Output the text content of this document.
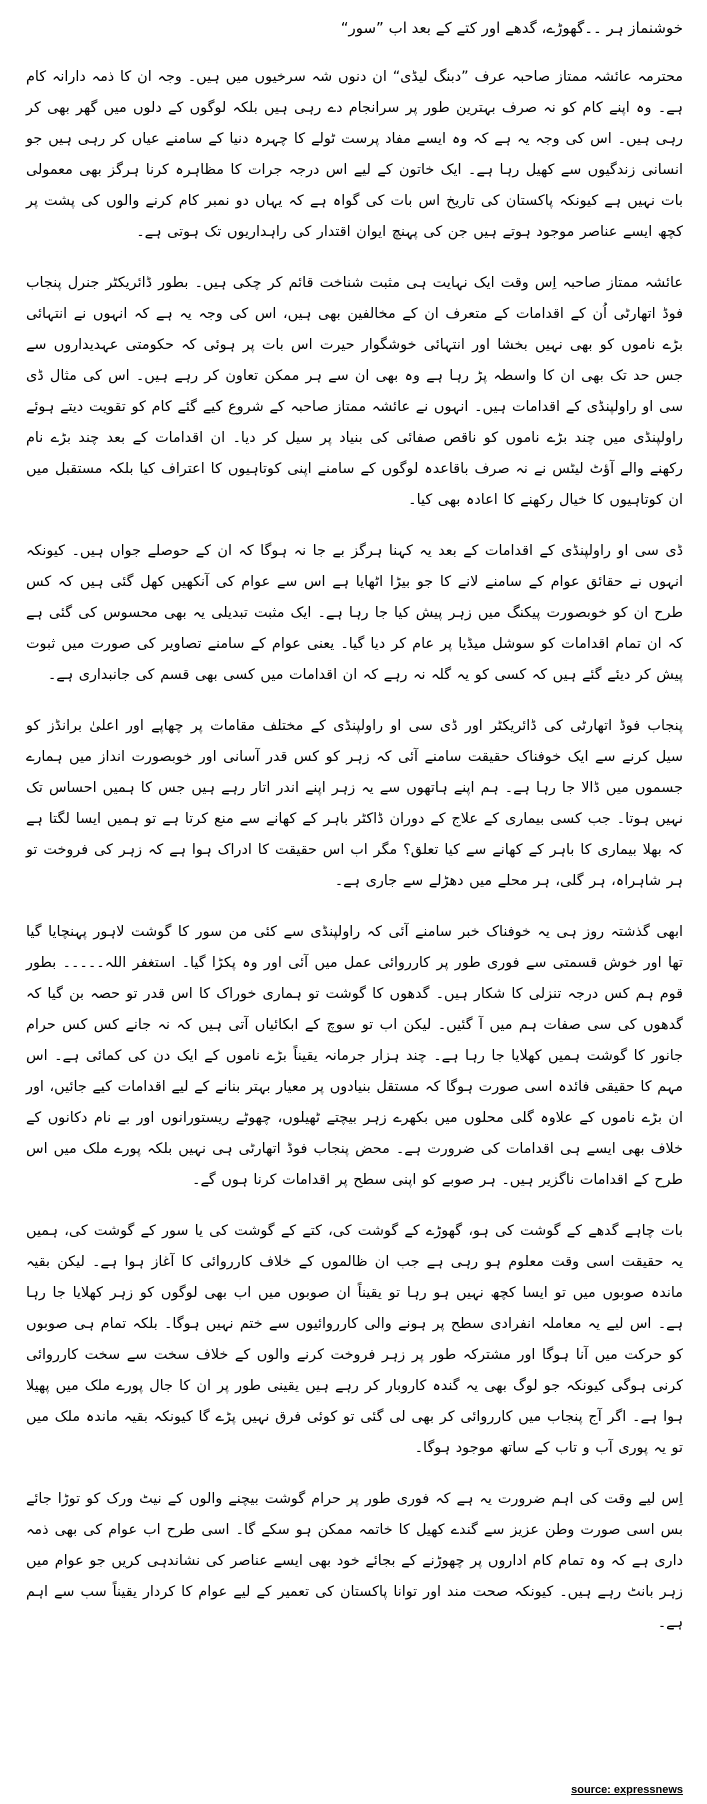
خوشنماز ہر ۔۔گھوڑے، گدھے اور کتے کے بعد اب ”سور“

محترمہ عائشہ ممتاز صاحبہ عرف ”دبنگ لیڈی“ ان دنوں شہ سرخیوں میں ہیں۔ وجہ ان کا ذمہ دارانہ کام ہے۔ وہ اپنے کام کو نہ صرف بہترین طور پر سرانجام دے رہی ہیں بلکہ لوگوں کے دلوں میں گھر بھی کر رہی ہیں۔ اس کی وجہ یہ ہے کہ وہ ایسے مفاد پرست ٹولے کا چہرہ دنیا کے سامنے عیاں کر رہی ہیں جو انسانی زندگیوں سے کھیل رہا ہے۔ ایک خاتون کے لیے اس درجہ جرات کا مظاہرہ کرنا ہرگز بھی معمولی بات نہیں ہے کیونکہ پاکستان کی تاریخ اس بات کی گواہ ہے کہ یہاں دو نمبر کام کرنے والوں کی پشت پر کچھ ایسے عناصر موجود ہوتے ہیں جن کی پہنچ ایوان اقتدار کی راہداریوں تک ہوتی ہے۔

عائشہ ممتاز صاحبہ اِس وقت ایک نہایت ہی مثبت شناخت قائم کر چکی ہیں۔ بطور ڈائریکٹر جنرل پنجاب فوڈ اتھارٹی اُن کے اقدامات کے متعرف ان کے مخالفین بھی ہیں، اس کی وجہ یہ ہے کہ انہوں نے انتہائی بڑے ناموں کو بھی نہیں بخشا اور انتہائی خوشگوار حیرت اس بات پر ہوئی کہ حکومتی عہدیداروں سے جس حد تک بھی ان کا واسطہ پڑ رہا ہے وہ بھی ان سے ہر ممکن تعاون کر رہے ہیں۔ اس کی مثال ڈی سی او راولپنڈی کے اقدامات ہیں۔ انہوں نے عائشہ ممتاز صاحبہ کے شروع کیے گئے کام کو تقویت دیتے ہوئے راولپنڈی میں چند بڑے ناموں کو ناقص صفائی کی بنیاد پر سیل کر دیا۔ ان اقدامات کے بعد چند بڑے نام رکھنے والے آؤٹ لیٹس نے نہ صرف باقاعدہ لوگوں کے سامنے اپنی کوتاہیوں کا اعتراف کیا بلکہ مستقبل میں ان کوتاہیوں کا خیال رکھنے کا اعادہ بھی کیا۔

ڈی سی او راولپنڈی کے اقدامات کے بعد یہ کہنا ہرگز بے جا نہ ہوگا کہ ان کے حوصلے جواں ہیں۔ کیونکہ انہوں نے حقائق عوام کے سامنے لانے کا جو بیڑا اٹھایا ہے اس سے عوام کی آنکھیں کھل گئی ہیں کہ کس طرح ان کو خوبصورت پیکنگ میں زہر پیش کیا جا رہا ہے۔ ایک مثبت تبدیلی یہ بھی محسوس کی گئی ہے کہ ان تمام اقدامات کو سوشل میڈیا پر عام کر دیا گیا۔ یعنی عوام کے سامنے تصاویر کی صورت میں ثبوت پیش کر دیئے گئے ہیں کہ کسی کو یہ گلہ نہ رہے کہ ان اقدامات میں کسی بھی قسم کی جانبداری ہے۔

پنجاب فوڈ اتھارٹی کی ڈائریکٹر اور ڈی سی او راولپنڈی کے مختلف مقامات پر چھاپے اور اعلیٰ برانڈز کو سیل کرنے سے ایک خوفناک حقیقت سامنے آئی کہ زہر کو کس قدر آسانی اور خوبصورت انداز میں ہمارے جسموں میں ڈالا جا رہا ہے۔ ہم اپنے ہاتھوں سے یہ زہر اپنے اندر اتار رہے ہیں جس کا ہمیں احساس تک نہیں ہوتا۔ جب کسی بیماری کے علاج کے دوران ڈاکٹر باہر کے کھانے سے منع کرتا ہے تو ہمیں ایسا لگتا ہے کہ بھلا بیماری کا باہر کے کھانے سے کیا تعلق؟ مگر اب اس حقیقت کا ادراک ہوا ہے کہ زہر کی فروخت تو ہر شاہراہ، ہر گلی، ہر محلے میں دھڑلے سے جاری ہے۔

ابھی گذشتہ روز ہی یہ خوفناک خبر سامنے آئی کہ راولپنڈی سے کئی من سور کا گوشت لاہور پہنچایا گیا تھا اور خوش قسمتی سے فوری طور پر کارروائی عمل میں آئی اور وہ پکڑا گیا۔ استغفر اللہ۔۔۔۔۔ بطور قوم ہم کس درجہ تنزلی کا شکار ہیں۔ گدھوں کا گوشت تو ہماری خوراک کا اس قدر تو حصہ بن گیا کہ گدھوں کی سی صفات ہم میں آ گئیں۔ لیکن اب تو سوچ کے ابکائیاں آتی ہیں کہ نہ جانے کس کس حرام جانور کا گوشت ہمیں کھلایا جا رہا ہے۔ چند ہزار جرمانہ یقیناً بڑے ناموں کے ایک دن کی کمائی ہے۔ اس مہم کا حقیقی فائدہ اسی صورت ہوگا کہ مستقل بنیادوں پر معیار بہتر بنانے کے لیے اقدامات کیے جائیں، اور ان بڑے ناموں کے علاوہ گلی محلوں میں بکھرے زہر بیچتے ٹھیلوں، چھوٹے ریستورانوں اور بے نام دکانوں کے خلاف بھی ایسے ہی اقدامات کی ضرورت ہے۔ محض پنجاب فوڈ اتھارٹی ہی نہیں بلکہ پورے ملک میں اس طرح کے اقدامات ناگزیر ہیں۔ ہر صوبے کو اپنی سطح پر اقدامات کرنا ہوں گے۔

بات چاہے گدھے کے گوشت کی ہو، گھوڑے کے گوشت کی، کتے کے گوشت کی یا سور کے گوشت کی، ہمیں یہ حقیقت اسی وقت معلوم ہو رہی ہے جب ان ظالموں کے خلاف کارروائی کا آغاز ہوا ہے۔ لیکن بقیہ ماندہ صوبوں میں تو ایسا کچھ نہیں ہو رہا تو یقیناً ان صوبوں میں اب بھی لوگوں کو زہر کھلایا جا رہا ہے۔ اس لیے یہ معاملہ انفرادی سطح پر ہونے والی کارروائیوں سے ختم نہیں ہوگا۔ بلکہ تمام ہی صوبوں کو حرکت میں آنا ہوگا اور مشترکہ طور پر زہر فروخت کرنے والوں کے خلاف سخت سے سخت کارروائی کرنی ہوگی کیونکہ جو لوگ بھی یہ گندہ کاروبار کر رہے ہیں یقینی طور پر ان کا جال پورے ملک میں پھیلا ہوا ہے۔ اگر آج پنجاب میں کارروائی کر بھی لی گئی تو کوئی فرق نہیں پڑے گا کیونکہ بقیہ ماندہ ملک میں تو یہ پوری آب و تاب کے ساتھ موجود ہوگا۔

اِس لیے وقت کی اہم ضرورت یہ ہے کہ فوری طور پر حرام گوشت بیچنے والوں کے نیٹ ورک کو توڑا جائے بس اسی صورت وطن عزیز سے گندے کھیل کا خاتمہ ممکن ہو سکے گا۔ اسی طرح اب عوام کی بھی ذمہ داری ہے کہ وہ تمام کام اداروں پر چھوڑنے کے بجائے خود بھی ایسے عناصر کی نشاندہی کریں جو عوام میں زہر بانٹ رہے ہیں۔ کیونکہ صحت مند اور توانا پاکستان کی تعمیر کے لیے عوام کا کردار یقیناً سب سے اہم ہے۔

source: expressnews
